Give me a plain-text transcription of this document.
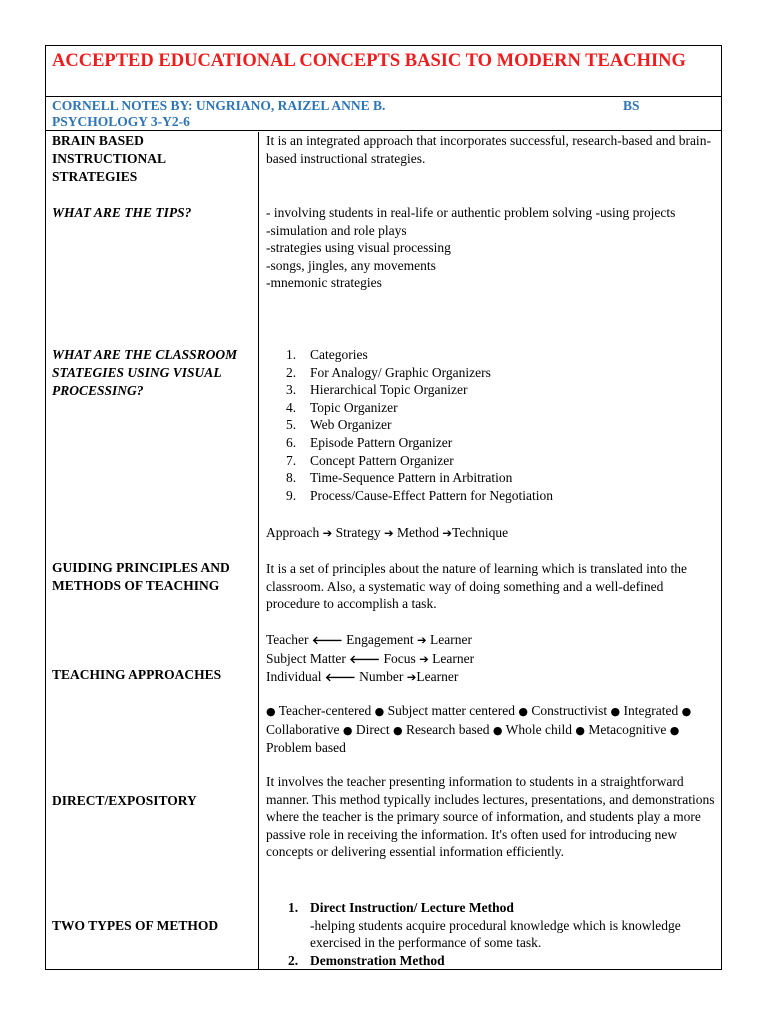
ACCEPTED EDUCATIONAL CONCEPTS BASIC TO MODERN TEACHING
CORNELL NOTES BY: UNGRIANO, RAIZEL ANNE B.	BS

PSYCHOLOGY 3-Y2-6
BRAIN BASED INSTRUCTIONAL STRATEGIES
WHAT ARE THE TIPS?
WHAT ARE THE CLASSROOM STATEGIES USING VISUAL PROCESSING?
GUIDING PRINCIPLES AND METHODS OF TEACHING
TEACHING APPROACHES
DIRECT/EXPOSITORY
TWO TYPES OF METHOD
It is an integrated approach that incorporates successful, research-based and brain-based instructional strategies.

- involving students in real-life or authentic problem solving -using projects

-simulation and role plays

-strategies using visual processing

-songs, jingles, any movements

-mnemonic strategies

1. Categories
2. For Analogy/ Graphic Organizers
3. Hierarchical Topic Organizer
4. Topic Organizer
5. Web Organizer
6. Episode Pattern Organizer
7. Concept Pattern Organizer
8. Time-Sequence Pattern in Arbitration
9. Process/Cause-Effect Pattern for Negotiation
Approach ➔ Strategy ➔ Method ➔Technique
It is a set of principles about the nature of learning which is translated into the classroom. Also, a systematic way of doing something and a well-defined procedure to accomplish a task.

Teacher 🡐 Engagement ➔ Learner

Subject Matter 🡐 Focus ➔ Learner

Individual 🡐 Number ➔Learner

● Teacher-centered ● Subject matter centered ● Constructivist ● Integrated ● Collaborative ● Direct ● Research based ● Whole child ● Metacognitive ● Problem based
It involves the teacher presenting information to students in a straightforward manner. This method typically includes lectures, presentations, and demonstrations where the teacher is the primary source of information, and students play a more passive role in receiving the information. It's often used for introducing new concepts or delivering essential information efficiently.
1. Direct Instruction/ Lecture Method
-helping students acquire procedural knowledge which is knowledge exercised in the performance of some task.
2. Demonstration Method
